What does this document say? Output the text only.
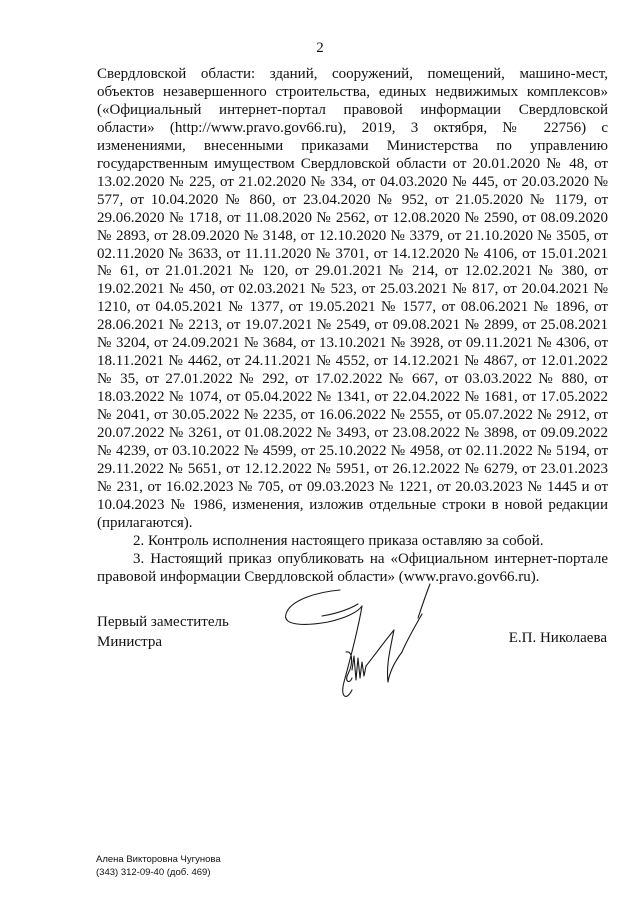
2

Свердловской области: зданий, сооружений, помещений, машино-мест, объектов незавершенного строительства, единых недвижимых комплексов» («Официальный интернет-портал правовой информации Свердловской области» (http://www.pravo.gov66.ru), 2019, 3 октября, № 22756) с изменениями, внесенными приказами Министерства по управлению государственным имуществом Свердловской области от 20.01.2020 № 48, от 13.02.2020 № 225, от 21.02.2020 № 334, от 04.03.2020 № 445, от 20.03.2020 № 577, от 10.04.2020 № 860, от 23.04.2020 № 952, от 21.05.2020 № 1179, от 29.06.2020 № 1718, от 11.08.2020 № 2562, от 12.08.2020 № 2590, от 08.09.2020 № 2893, от 28.09.2020 № 3148, от 12.10.2020 № 3379, от 21.10.2020 № 3505, от 02.11.2020 № 3633, от 11.11.2020 № 3701, от 14.12.2020 № 4106, от 15.01.2021 № 61, от 21.01.2021 № 120, от 29.01.2021 № 214, от 12.02.2021 № 380, от 19.02.2021 № 450, от 02.03.2021 № 523, от 25.03.2021 № 817, от 20.04.2021 № 1210, от 04.05.2021 № 1377, от 19.05.2021 № 1577, от 08.06.2021 № 1896, от 28.06.2021 № 2213, от 19.07.2021 № 2549, от 09.08.2021 № 2899, от 25.08.2021 № 3204, от 24.09.2021 № 3684, от 13.10.2021 № 3928, от 09.11.2021 № 4306, от 18.11.2021 № 4462, от 24.11.2021 № 4552, от 14.12.2021 № 4867, от 12.01.2022 № 35, от 27.01.2022 № 292, от 17.02.2022 № 667, от 03.03.2022 № 880, от 18.03.2022 № 1074, от 05.04.2022 № 1341, от 22.04.2022 № 1681, от 17.05.2022 № 2041, от 30.05.2022 № 2235, от 16.06.2022 № 2555, от 05.07.2022 № 2912, от 20.07.2022 № 3261, от 01.08.2022 № 3493, от 23.08.2022 № 3898, от 09.09.2022 № 4239, от 03.10.2022 № 4599, от 25.10.2022 № 4958, от 02.11.2022 № 5194, от 29.11.2022 № 5651, от 12.12.2022 № 5951, от 26.12.2022 № 6279, от 23.01.2023 № 231, от 16.02.2023 № 705, от 09.03.2023 № 1221, от 20.03.2023 № 1445 и от 10.04.2023 № 1986, изменения, изложив отдельные строки в новой редакции (прилагаются).

2. Контроль исполнения настоящего приказа оставляю за собой.

3. Настоящий приказ опубликовать на «Официальном интернет-портале правовой информации Свердловской области» (www.pravo.gov66.ru).

Первый заместитель
Министра	Е.П. Николаева
Алена Викторовна Чугунова
(343) 312-09-40 (доб. 469)
